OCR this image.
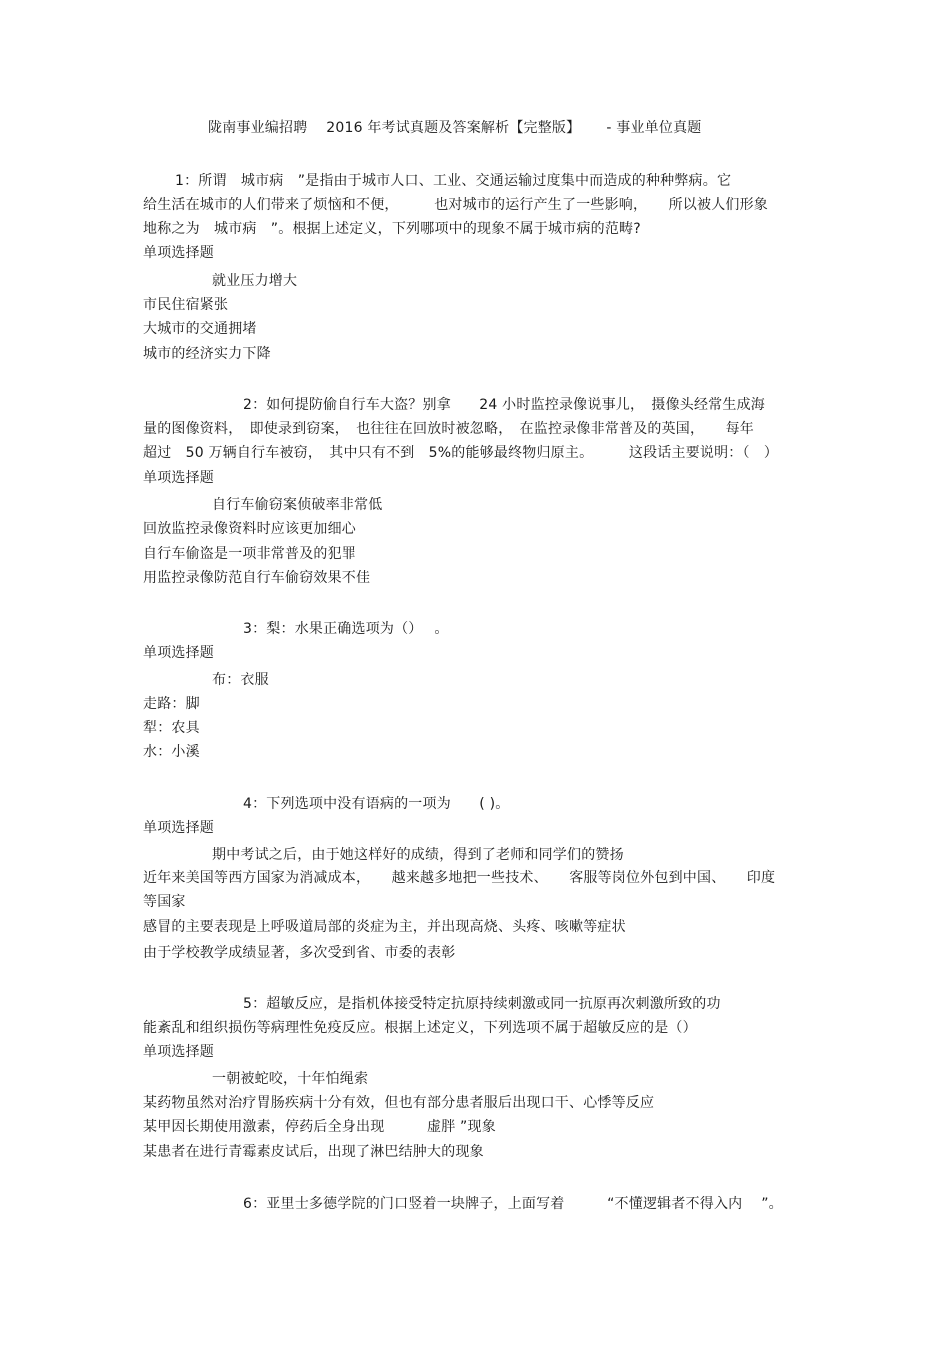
陇南事业编招聘　 2016 年考试真题及答案解析【完整版】　　 - 事业单位真题
1：所谓　城市病　”是指由于城市人口、工业、交通运输过度集中而造成的种种弊病。它
给生活在城市的人们带来了烦恼和不便，　　　也对城市的运行产生了一些影响，　　所以被人们形象
地称之为　城市病　”。根据上述定义，下列哪项中的现象不属于城市病的范畴?
单项选择题
就业压力增大
市民住宿紧张
大城市的交通拥堵
城市的经济实力下降
2：如何提防偷自行车大盗？别拿　　24 小时监控录像说事儿，　摄像头经常生成海
量的图像资料，　即使录到窃案，　也往往在回放时被忽略，　在监控录像非常普及的英国，　　每年
超过　50 万辆自行车被窃，　其中只有不到　5%的能够最终物归原主。　　　这段话主要说明：（　）
单项选择题
自行车偷窃案侦破率非常低
回放监控录像资料时应该更加细心
自行车偷盗是一项非常普及的犯罪
用监控录像防范自行车偷窃效果不佳
3：梨：水果正确选项为（）　 。
单项选择题
布：衣服
走路：脚
犁：农具
水：小溪
4：下列选项中没有语病的一项为　　( )。
单项选择题
期中考试之后，由于她这样好的成绩，得到了老师和同学们的赞扬
近年来美国等西方国家为消减成本，　　越来越多地把一些技术、　　客服等岗位外包到中国、　　印度
等国家
感冒的主要表现是上呼吸道局部的炎症为主，并出现高烧、头疼、咳嗽等症状
由于学校教学成绩显著，多次受到省、市委的表彰
5：超敏反应，是指机体接受特定抗原持续刺激或同一抗原再次刺激所致的功
能紊乱和组织损伤等病理性免疫反应。根据上述定义，下列选项不属于超敏反应的是（）
单项选择题
一朝被蛇咬，十年怕绳索
某药物虽然对治疗胃肠疾病十分有效，但也有部分患者服后出现口干、心悸等反应
某甲因长期使用激素，停药后全身出现　　　虚胖 ”现象
某患者在进行青霉素皮试后，出现了淋巴结肿大的现象
6：亚里士多德学院的门口竖着一块牌子，上面写着　　　“不懂逻辑者不得入内　 ”。
